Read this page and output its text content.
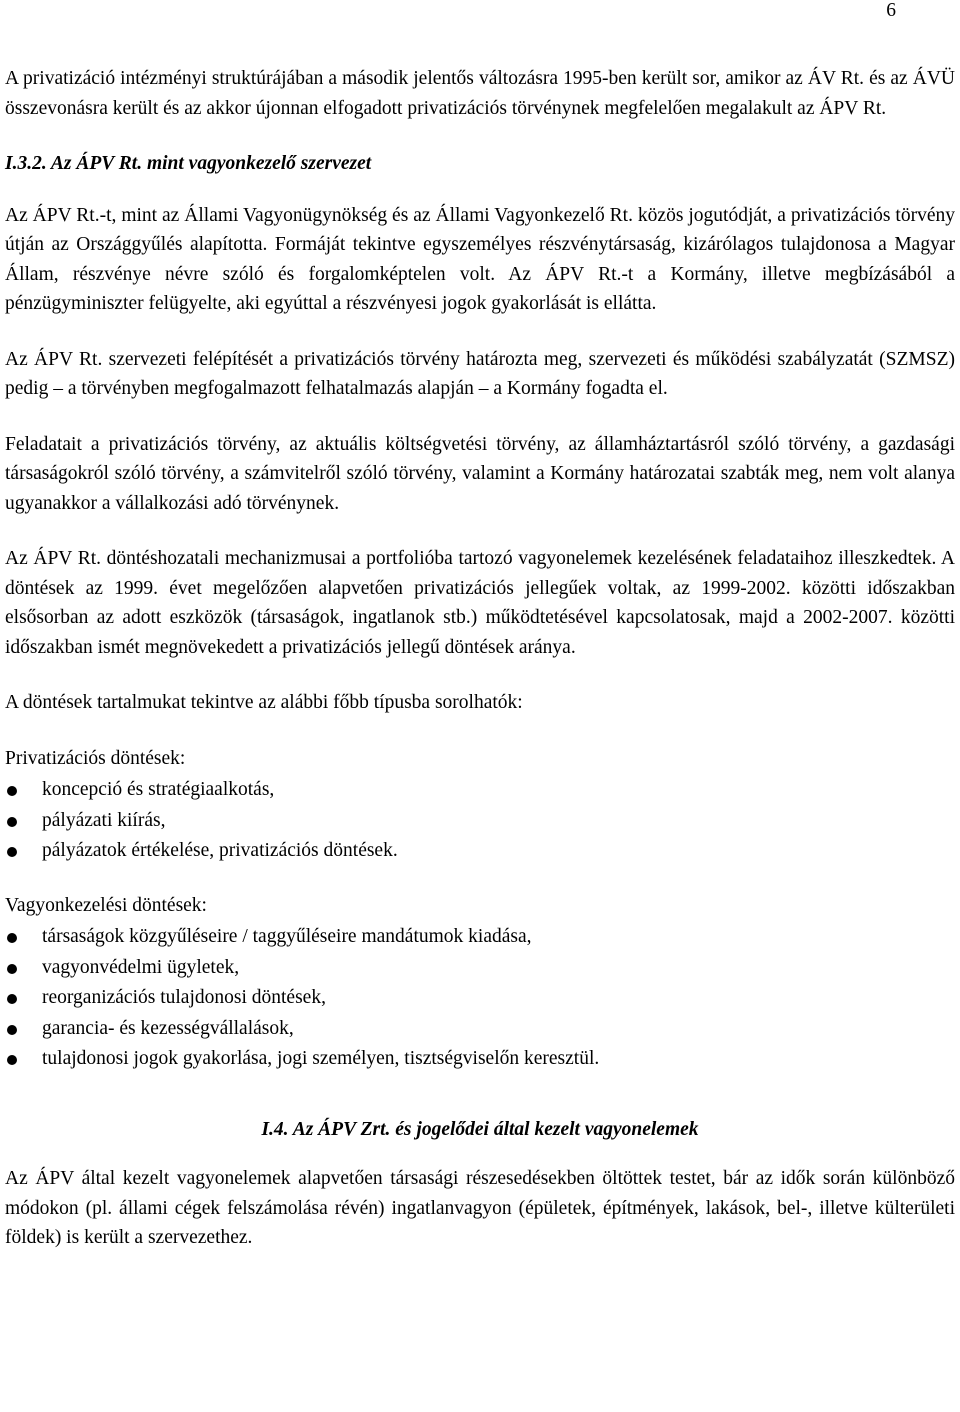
6

A privatizáció intézményi struktúrájában a második jelentős változásra 1995-ben került sor, amikor az ÁV Rt. és az ÁVÜ összevonásra került és az akkor újonnan elfogadott privatizációs törvénynek megfelelően megalakult az ÁPV Rt.

I.3.2. Az ÁPV Rt. mint vagyonkezelő szervezet

Az ÁPV Rt.-t, mint az Állami Vagyonügynökség és az Állami Vagyonkezelő Rt. közös jogutódját, a privatizációs törvény útján az Országgyűlés alapította. Formáját tekintve egyszemélyes részvénytársaság, kizárólagos tulajdonosa a Magyar Állam, részvénye névre szóló és forgalomképtelen volt. Az ÁPV Rt.-t a Kormány, illetve megbízásából a pénzügyminiszter felügyelte, aki egyúttal a részvényesi jogok gyakorlását is ellátta.

Az ÁPV Rt. szervezeti felépítését a privatizációs törvény határozta meg, szervezeti és működési szabályzatát (SZMSZ) pedig – a törvényben megfogalmazott felhatalmazás alapján – a Kormány fogadta el.

Feladatait a privatizációs törvény, az aktuális költségvetési törvény, az államháztartásról szóló törvény, a gazdasági társaságokról szóló törvény, a számvitelről szóló törvény, valamint a Kormány határozatai szabták meg, nem volt alanya ugyanakkor a vállalkozási adó törvénynek.

Az ÁPV Rt. döntéshozatali mechanizmusai a portfolióba tartozó vagyonelemek kezelésének feladataihoz illeszkedtek. A döntések az 1999. évet megelőzően alapvetően privatizációs jellegűek voltak, az 1999-2002. közötti időszakban elsősorban az adott eszközök (társaságok, ingatlanok stb.) működtetésével kapcsolatosak, majd a 2002-2007. közötti időszakban ismét megnövekedett a privatizációs jellegű döntések aránya.

A döntések tartalmukat tekintve az alábbi főbb típusba sorolhatók:

Privatizációs döntések:

koncepció és stratégiaalkotás,
pályázati kiírás,
pályázatok értékelése, privatizációs döntések.

Vagyonkezelési döntések:

társaságok közgyűléseire / taggyűléseire mandátumok kiadása,
vagyonvédelmi ügyletek,
reorganizációs tulajdonosi döntések,
garancia- és kezességvállalások,
tulajdonosi jogok gyakorlása, jogi személyen, tisztségviselőn keresztül.

I.4. Az ÁPV Zrt. és jogelődei által kezelt vagyonelemek

Az ÁPV által kezelt vagyonelemek alapvetően társasági részesedésekben öltöttek testet, bár az idők során különböző módokon (pl. állami cégek felszámolása révén) ingatlanvagyon (épületek, építmények, lakások, bel-, illetve külterületi földek) is került a szervezethez.
